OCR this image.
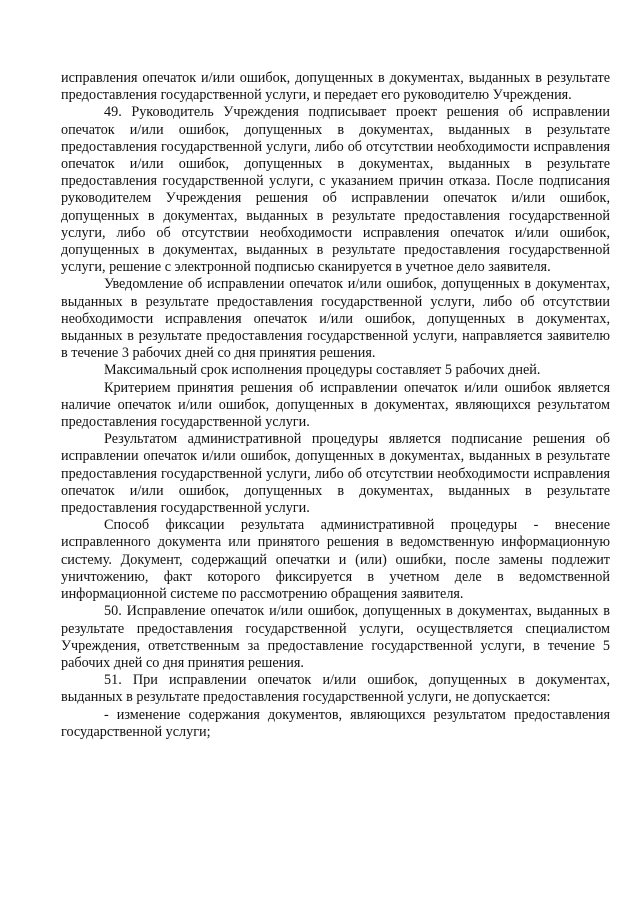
исправления опечаток и/или ошибок, допущенных в документах, выданных в результате предоставления государственной услуги, и передает его руководителю Учреждения.

49. Руководитель Учреждения подписывает проект решения об исправлении опечаток и/или ошибок, допущенных в документах, выданных в результате предоставления государственной услуги, либо об отсутствии необходимости исправления опечаток и/или ошибок, допущенных в документах, выданных в результате предоставления государственной услуги, с указанием причин отказа. После подписания руководителем Учреждения решения об исправлении опечаток и/или ошибок, допущенных в документах, выданных в результате предоставления государственной услуги, либо об отсутствии необходимости исправления опечаток и/или ошибок, допущенных в документах, выданных в результате предоставления государственной услуги, решение с электронной подписью сканируется в учетное дело заявителя.

Уведомление об исправлении опечаток и/или ошибок, допущенных в документах, выданных в результате предоставления государственной услуги, либо об отсутствии необходимости исправления опечаток и/или ошибок, допущенных в документах, выданных в результате предоставления государственной услуги, направляется заявителю в течение 3 рабочих дней со дня принятия решения.

Максимальный срок исполнения процедуры составляет 5 рабочих дней.

Критерием принятия решения об исправлении опечаток и/или ошибок является наличие опечаток и/или ошибок, допущенных в документах, являющихся результатом предоставления государственной услуги.

Результатом административной процедуры является подписание решения об исправлении опечаток и/или ошибок, допущенных в документах, выданных в результате предоставления государственной услуги, либо об отсутствии необходимости исправления опечаток и/или ошибок, допущенных в документах, выданных в результате предоставления государственной услуги.

Способ фиксации результата административной процедуры - внесение исправленного документа или принятого решения в ведомственную информационную систему. Документ, содержащий опечатки и (или) ошибки, после замены подлежит уничтожению, факт которого фиксируется в учетном деле в ведомственной информационной системе по рассмотрению обращения заявителя.

50. Исправление опечаток и/или ошибок, допущенных в документах, выданных в результате предоставления государственной услуги, осуществляется специалистом Учреждения, ответственным за предоставление государственной услуги, в течение 5 рабочих дней со дня принятия решения.

51. При исправлении опечаток и/или ошибок, допущенных в документах, выданных в результате предоставления государственной услуги, не допускается:

- изменение содержания документов, являющихся результатом предоставления государственной услуги;
